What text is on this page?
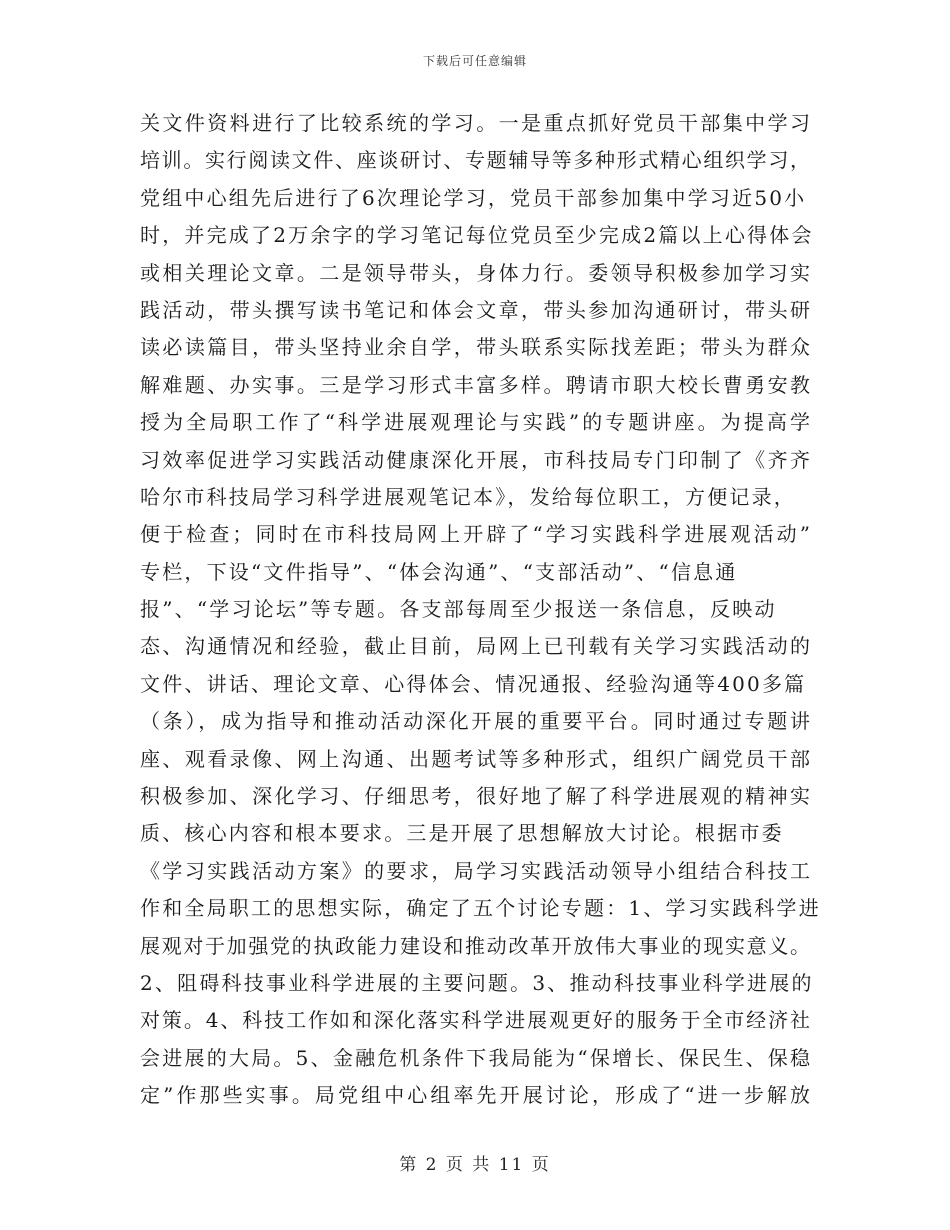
下载后可任意编辑
关文件资料进行了比较系统的学习。一是重点抓好党员干部集中学习
培训。实行阅读文件、座谈研讨、专题辅导等多种形式精心组织学习，
党组中心组先后进行了6次理论学习，党员干部参加集中学习近50小
时，并完成了2万余字的学习笔记每位党员至少完成2篇以上心得体会
或相关理论文章。二是领导带头，身体力行。委领导积极参加学习实
践活动，带头撰写读书笔记和体会文章，带头参加沟通研讨，带头研
读必读篇目，带头坚持业余自学，带头联系实际找差距；带头为群众
解难题、办实事。三是学习形式丰富多样。聘请市职大校长曹勇安教
授为全局职工作了“科学进展观理论与实践”的专题讲座。为提高学
习效率促进学习实践活动健康深化开展，市科技局专门印制了《齐齐
哈尔市科技局学习科学进展观笔记本》，发给每位职工，方便记录，
便于检查；同时在市科技局网上开辟了“学习实践科学进展观活动”
专栏，下设“文件指导”、“体会沟通”、“支部活动”、“信息通
报”、“学习论坛”等专题。各支部每周至少报送一条信息，反映动
态、沟通情况和经验，截止目前，局网上已刊载有关学习实践活动的
文件、讲话、理论文章、心得体会、情况通报、经验沟通等400多篇
（条），成为指导和推动活动深化开展的重要平台。同时通过专题讲
座、观看录像、网上沟通、出题考试等多种形式，组织广阔党员干部
积极参加、深化学习、仔细思考，很好地了解了科学进展观的精神实
质、核心内容和根本要求。三是开展了思想解放大讨论。根据市委
《学习实践活动方案》的要求，局学习实践活动领导小组结合科技工
作和全局职工的思想实际，确定了五个讨论专题：1、学习实践科学进
展观对于加强党的执政能力建设和推动改革开放伟大事业的现实意义。
2、阻碍科技事业科学进展的主要问题。3、推动科技事业科学进展的
对策。4、科技工作如和深化落实科学进展观更好的服务于全市经济社
会进展的大局。5、金融危机条件下我局能为“保增长、保民生、保稳
定”作那些实事。局党组中心组率先开展讨论，形成了“进一步解放
第 2 页 共 11 页
